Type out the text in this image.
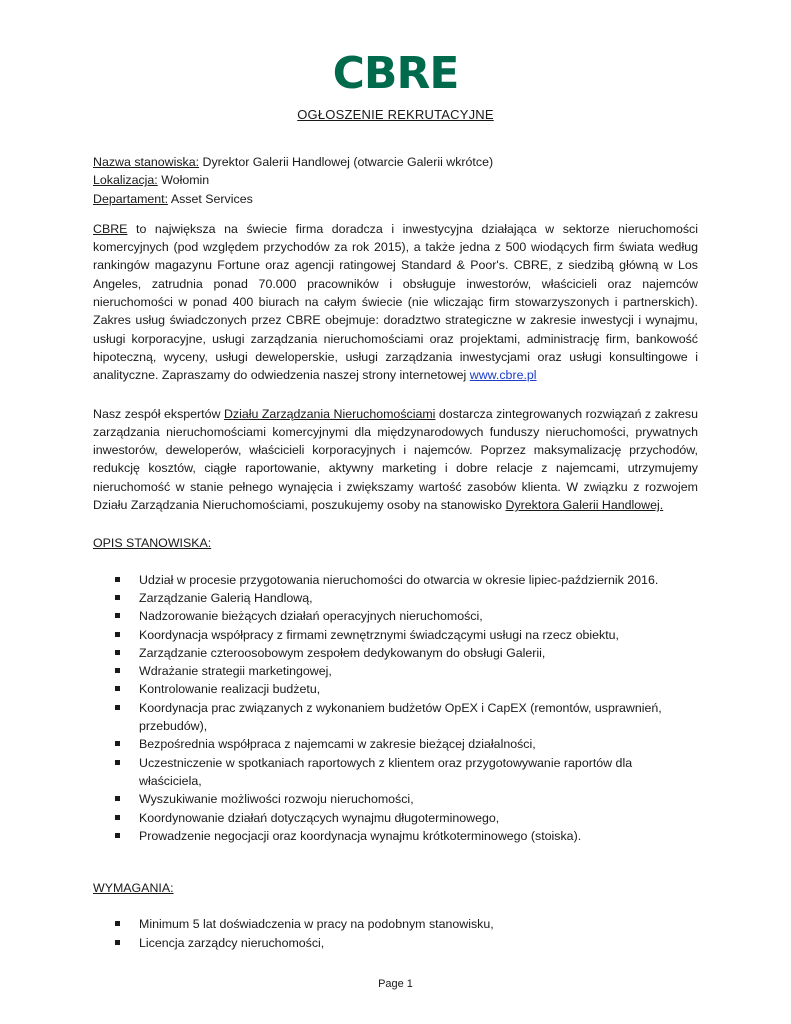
CBRE
OGŁOSZENIE REKRUTACYJNE
Nazwa stanowiska: Dyrektor Galerii Handlowej (otwarcie Galerii wkrótce)
Lokalizacja: Wołomin
Departament: Asset Services

CBRE to największa na świecie firma doradcza i inwestycyjna działająca w sektorze nieruchomości komercyjnych (pod względem przychodów za rok 2015), a także jedna z 500 wiodących firm świata według rankingów magazynu Fortune oraz agencji ratingowej Standard & Poor's. CBRE, z siedzibą główną w Los Angeles, zatrudnia ponad 70.000 pracowników i obsługuje inwestorów, właścicieli oraz najemców nieruchomości w ponad 400 biurach na całym świecie (nie wliczając firm stowarzyszonych i partnerskich). Zakres usług świadczonych przez CBRE obejmuje: doradztwo strategiczne w zakresie inwestycji i wynajmu, usługi korporacyjne, usługi zarządzania nieruchomościami oraz projektami, administrację firm, bankowość hipoteczną, wyceny, usługi deweloperskie, usługi zarządzania inwestycjami oraz usługi konsultingowe i analityczne. Zapraszamy do odwiedzenia naszej strony internetowej www.cbre.pl

Nasz zespół ekspertów Działu Zarządzania Nieruchomościami dostarcza zintegrowanych rozwiązań z zakresu zarządzania nieruchomościami komercyjnymi dla międzynarodowych funduszy nieruchomości, prywatnych inwestorów, deweloperów, właścicieli korporacyjnych i najemców. Poprzez maksymalizację przychodów, redukcję kosztów, ciągłe raportowanie, aktywny marketing i dobre relacje z najemcami, utrzymujemy nieruchomość w stanie pełnego wynajęcia i zwiększamy wartość zasobów klienta. W związku z rozwojem Działu Zarządzania Nieruchomościami, poszukujemy osoby na stanowisko Dyrektora Galerii Handlowej.

OPIS STANOWISKA:
Udział w procesie przygotowania nieruchomości do otwarcia w okresie lipiec-październik 2016.
Zarządzanie Galerią Handlową,
Nadzorowanie bieżących działań operacyjnych nieruchomości,
Koordynacja współpracy z firmami zewnętrznymi świadczącymi usługi na rzecz obiektu,
Zarządzanie czteroosobowym zespołem dedykowanym do obsługi Galerii,
Wdrażanie strategii marketingowej,
Kontrolowanie realizacji budżetu,
Koordynacja prac związanych z wykonaniem budżetów OpEX i CapEX (remontów, usprawnień, przebudów),
Bezpośrednia współpraca z najemcami w zakresie bieżącej działalności,
Uczestniczenie w spotkaniach raportowych z klientem oraz przygotowywanie raportów dla właściciela,
Wyszukiwanie możliwości rozwoju nieruchomości,
Koordynowanie działań dotyczących wynajmu długoterminowego,
Prowadzenie negocjacji oraz koordynacja wynajmu krótkoterminowego (stoiska).
WYMAGANIA:
Minimum 5 lat doświadczenia w pracy na podobnym stanowisku,
Licencja zarządcy nieruchomości,
Page 1
